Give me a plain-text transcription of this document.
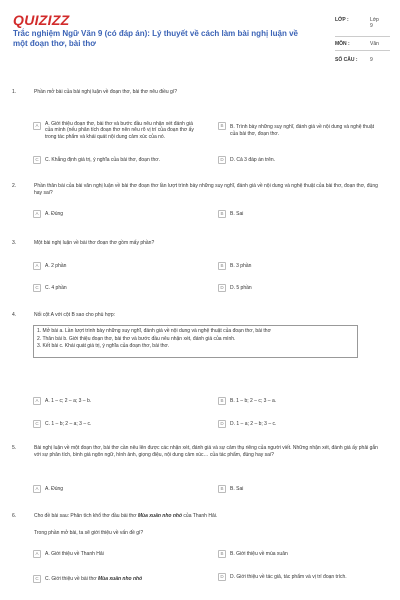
QUIZIZZ
Trắc nghiệm Ngữ Văn 9 (có đáp án): Lý thuyết về cách làm bài nghị luận về một đoạn thơ, bài thơ
LỚP :	Lớp 9
MÔN :	Văn
SỐ CÂU :	9
1.	Phần mở bài của bài nghị luận về đoạn thơ, bài thơ nêu điều gì?
A	A. Giới thiệu đoạn thơ, bài thơ và bước đầu nêu nhận xét đánh giá của mình (nếu phân tích đoạn thơ nên nêu rõ vị trí của đoạn thơ ấy trong tác phẩm và khái quát nội dung cảm xúc của nó.
B	B. Trình bày những suy nghĩ, đánh giá về nội dung và nghệ thuật của bài thơ, đoạn thơ.
C	C. Khẳng định giá trị, ý nghĩa của bài thơ, đoạn thơ.	D	D. Cả 3 đáp án trên.
2.	Phần thân bài của bài văn nghị luận về bài thơ đoạn thơ lần lượt trình bày những suy nghĩ, đánh giá về nội dung và nghệ thuật của bài thơ, đoạn thơ, đúng hay sai?
A	A. Đúng	B	B. Sai
3.	Một bài nghị luận về bài thơ đoạn thơ gồm mấy phần?
A	A. 2 phần	B	B. 3 phần
C	C. 4 phần	D	D. 5 phần
4.	Nối cột A với cột B sao cho phù hợp:
1. Mở bài a. Lần lượt trình bày những suy nghĩ, đánh giá về nội dung và nghệ thuật của đoạn thơ, bài thơ
2. Thân bài b. Giới thiệu đoạn thơ, bài thơ và bước đầu nêu nhận xét, đánh giá của mình.
3. Kết bài c. Khái quát giá trị, ý nghĩa của đoạn thơ, bài thơ.
A	A. 1 – c; 2 – a; 3 – b.	B	B. 1 – b; 2 – c; 3 – a.
C	C. 1 – b; 2 – a; 3 – c.	D	D. 1 – a; 2 – b; 3 – c.
5.	Bài nghị luận về một đoạn thơ, bài thơ cần nêu lên được các nhận xét, đánh giá và sự cảm thụ riêng của người viết. Những nhận xét, đánh giá ấy phải gắn với sự phân tích, bình giá ngôn ngữ, hình ảnh, giọng điệu, nội dung cảm xúc… của tác phẩm, đúng hay sai?
A	A. Đúng	B	B. Sai
6.	Cho đề bài sau: Phân tích khổ thơ đầu bài thơ Mùa xuân nho nhỏ của Thanh Hải.
Trong phần mở bài, ta sẽ giới thiệu về vấn đề gì?
A	A. Giới thiệu về Thanh Hải	B	B. Giới thiệu về mùa xuân
C	C. Giới thiệu về bài thơ Mùa xuân nho nhỏ	D	D. Giới thiệu về tác giả, tác phẩm và vị trí đoạn trích.
